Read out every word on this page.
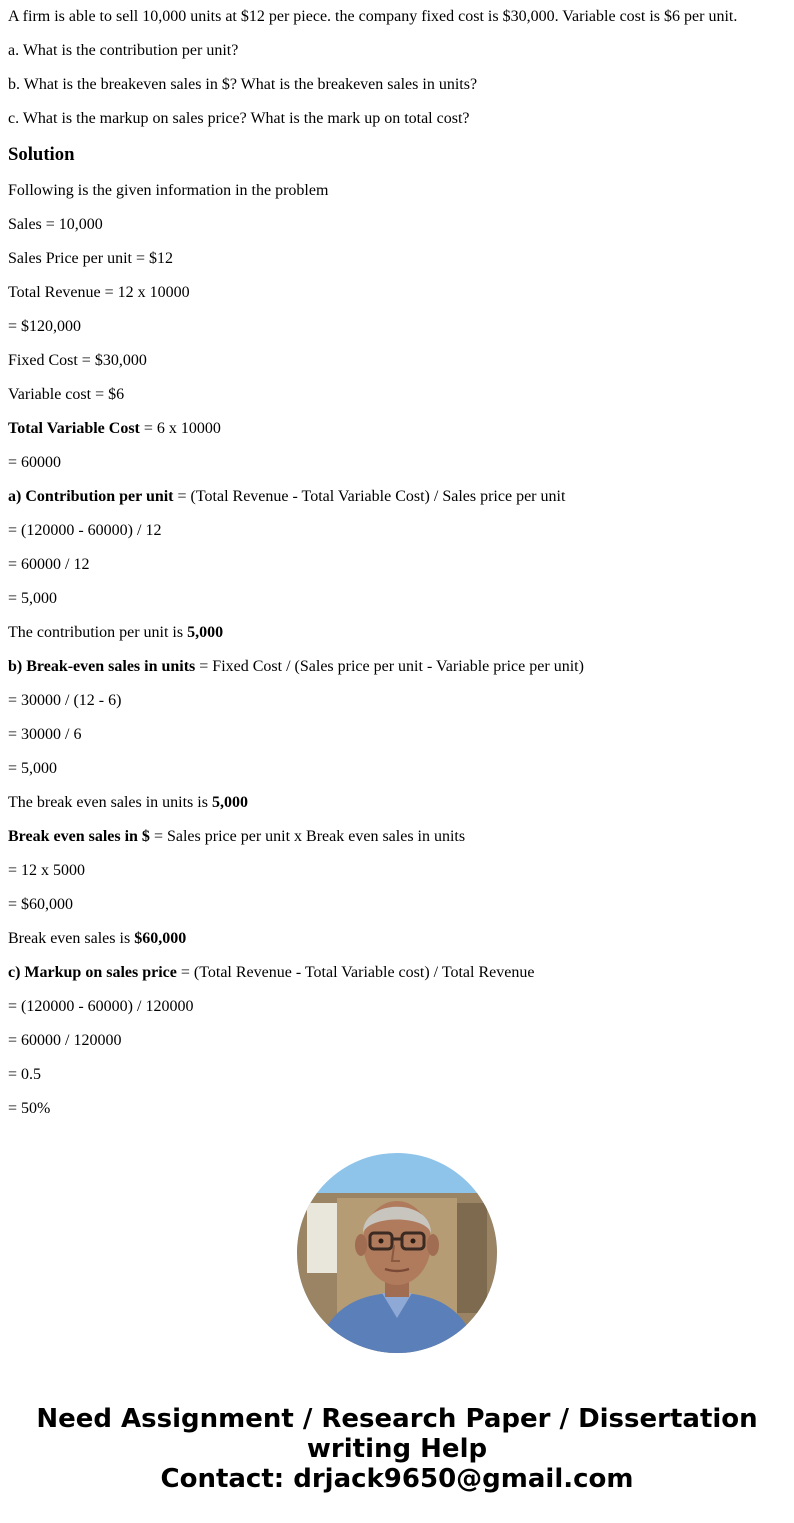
A firm is able to sell 10,000 units at $12 per piece. the company fixed cost is $30,000. Variable cost is $6 per unit.

a. What is the contribution per unit?

b. What is the breakeven sales in $? What is the breakeven sales in units?

c. What is the markup on sales price? What is the mark up on total cost?

Solution

Following is the given information in the problem

Sales = 10,000

Sales Price per unit = $12

Total Revenue = 12 x 10000

= $120,000

Fixed Cost = $30,000

Variable cost = $6

Total Variable Cost = 6 x 10000

= 60000

a) Contribution per unit = (Total Revenue - Total Variable Cost) / Sales price per unit

= (120000 - 60000) / 12

= 60000 / 12

= 5,000

The contribution per unit is 5,000

b) Break-even sales in units = Fixed Cost / (Sales price per unit - Variable price per unit)

= 30000 / (12 - 6)

= 30000 / 6

= 5,000

The break even sales in units is 5,000

Break even sales in $ = Sales price per unit x Break even sales in units

= 12 x 5000

= $60,000

Break even sales is $60,000

c) Markup on sales price = (Total Revenue - Total Variable cost) / Total Revenue

= (120000 - 60000) / 120000

= 60000 / 120000

= 0.5

= 50%

Need Assignment / Research Paper / Dissertation
writing Help
Contact: drjack9650@gmail.com
